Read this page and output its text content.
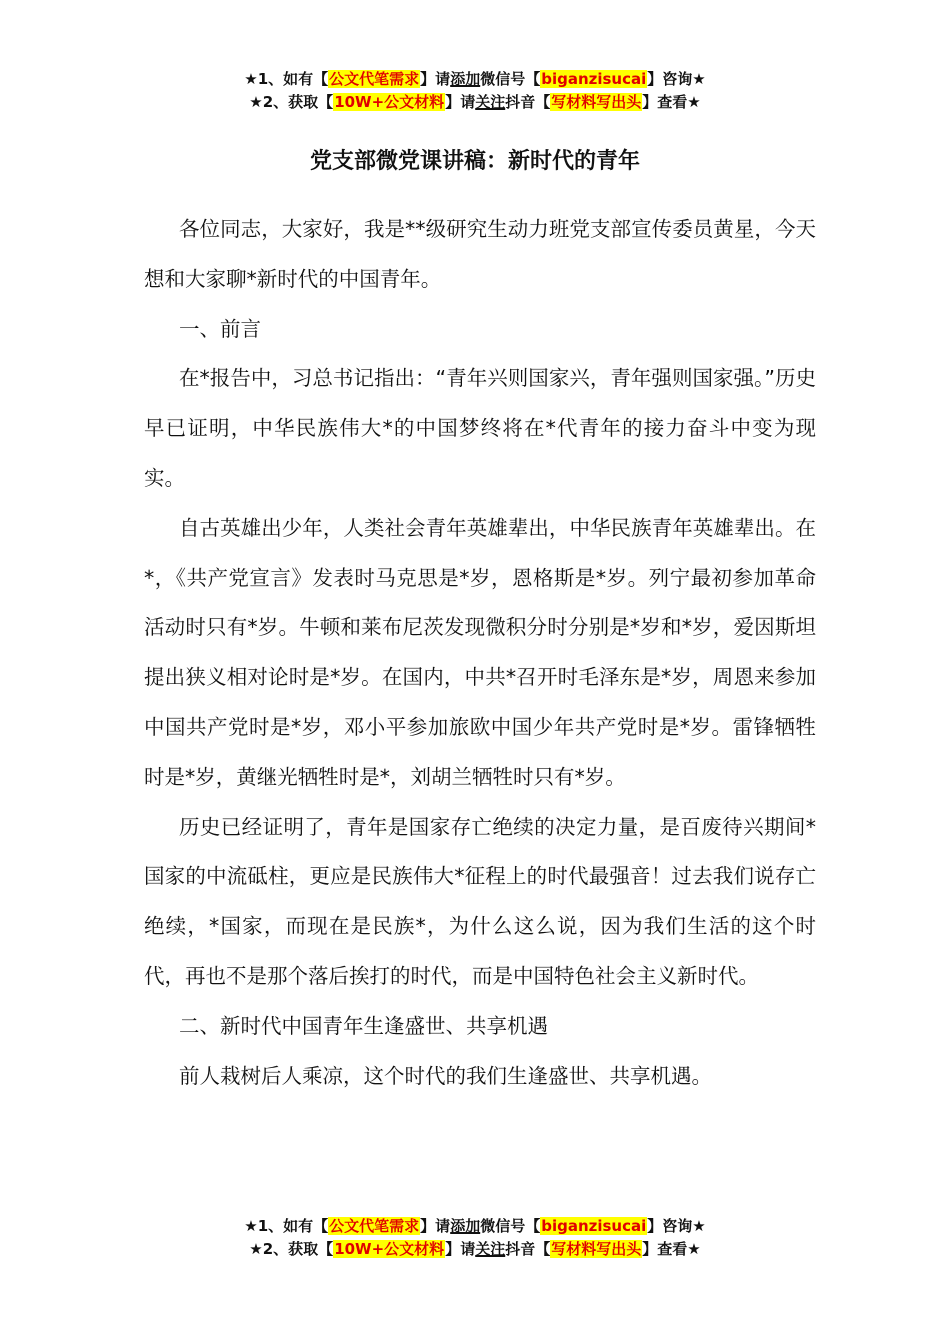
★1、如有【公文代笔需求】请添加微信号【biganzisucai】咨询★
★2、获取【10W+公文材料】请关注抖音【写材料写出头】查看★
党支部微党课讲稿：新时代的青年

各位同志，大家好，我是**级研究生动力班党支部宣传委员黄星，今天想和大家聊*新时代的中国青年。

一、前言

在*报告中，习总书记指出：“青年兴则国家兴，青年强则国家强。”历史早已证明，中华民族伟大*的中国梦终将在*代青年的接力奋斗中变为现实。

自古英雄出少年，人类社会青年英雄辈出，中华民族青年英雄辈出。在*，《共产党宣言》发表时马克思是*岁，恩格斯是*岁。列宁最初参加革命活动时只有*岁。牛顿和莱布尼茨发现微积分时分别是*岁和*岁，爱因斯坦提出狭义相对论时是*岁。在国内，中共*召开时毛泽东是*岁，周恩来参加中国共产党时是*岁，邓小平参加旅欧中国少年共产党时是*岁。雷锋牺牲时是*岁，黄继光牺牲时是*，刘胡兰牺牲时只有*岁。

历史已经证明了，青年是国家存亡绝续的决定力量，是百废待兴期间*国家的中流砥柱，更应是民族伟大*征程上的时代最强音！过去我们说存亡绝续，*国家，而现在是民族*，为什么这么说，因为我们生活的这个时代，再也不是那个落后挨打的时代，而是中国特色社会主义新时代。

二、新时代中国青年生逢盛世、共享机遇

前人栽树后人乘凉，这个时代的我们生逢盛世、共享机遇。

★1、如有【公文代笔需求】请添加微信号【biganzisucai】咨询★
★2、获取【10W+公文材料】请关注抖音【写材料写出头】查看★
